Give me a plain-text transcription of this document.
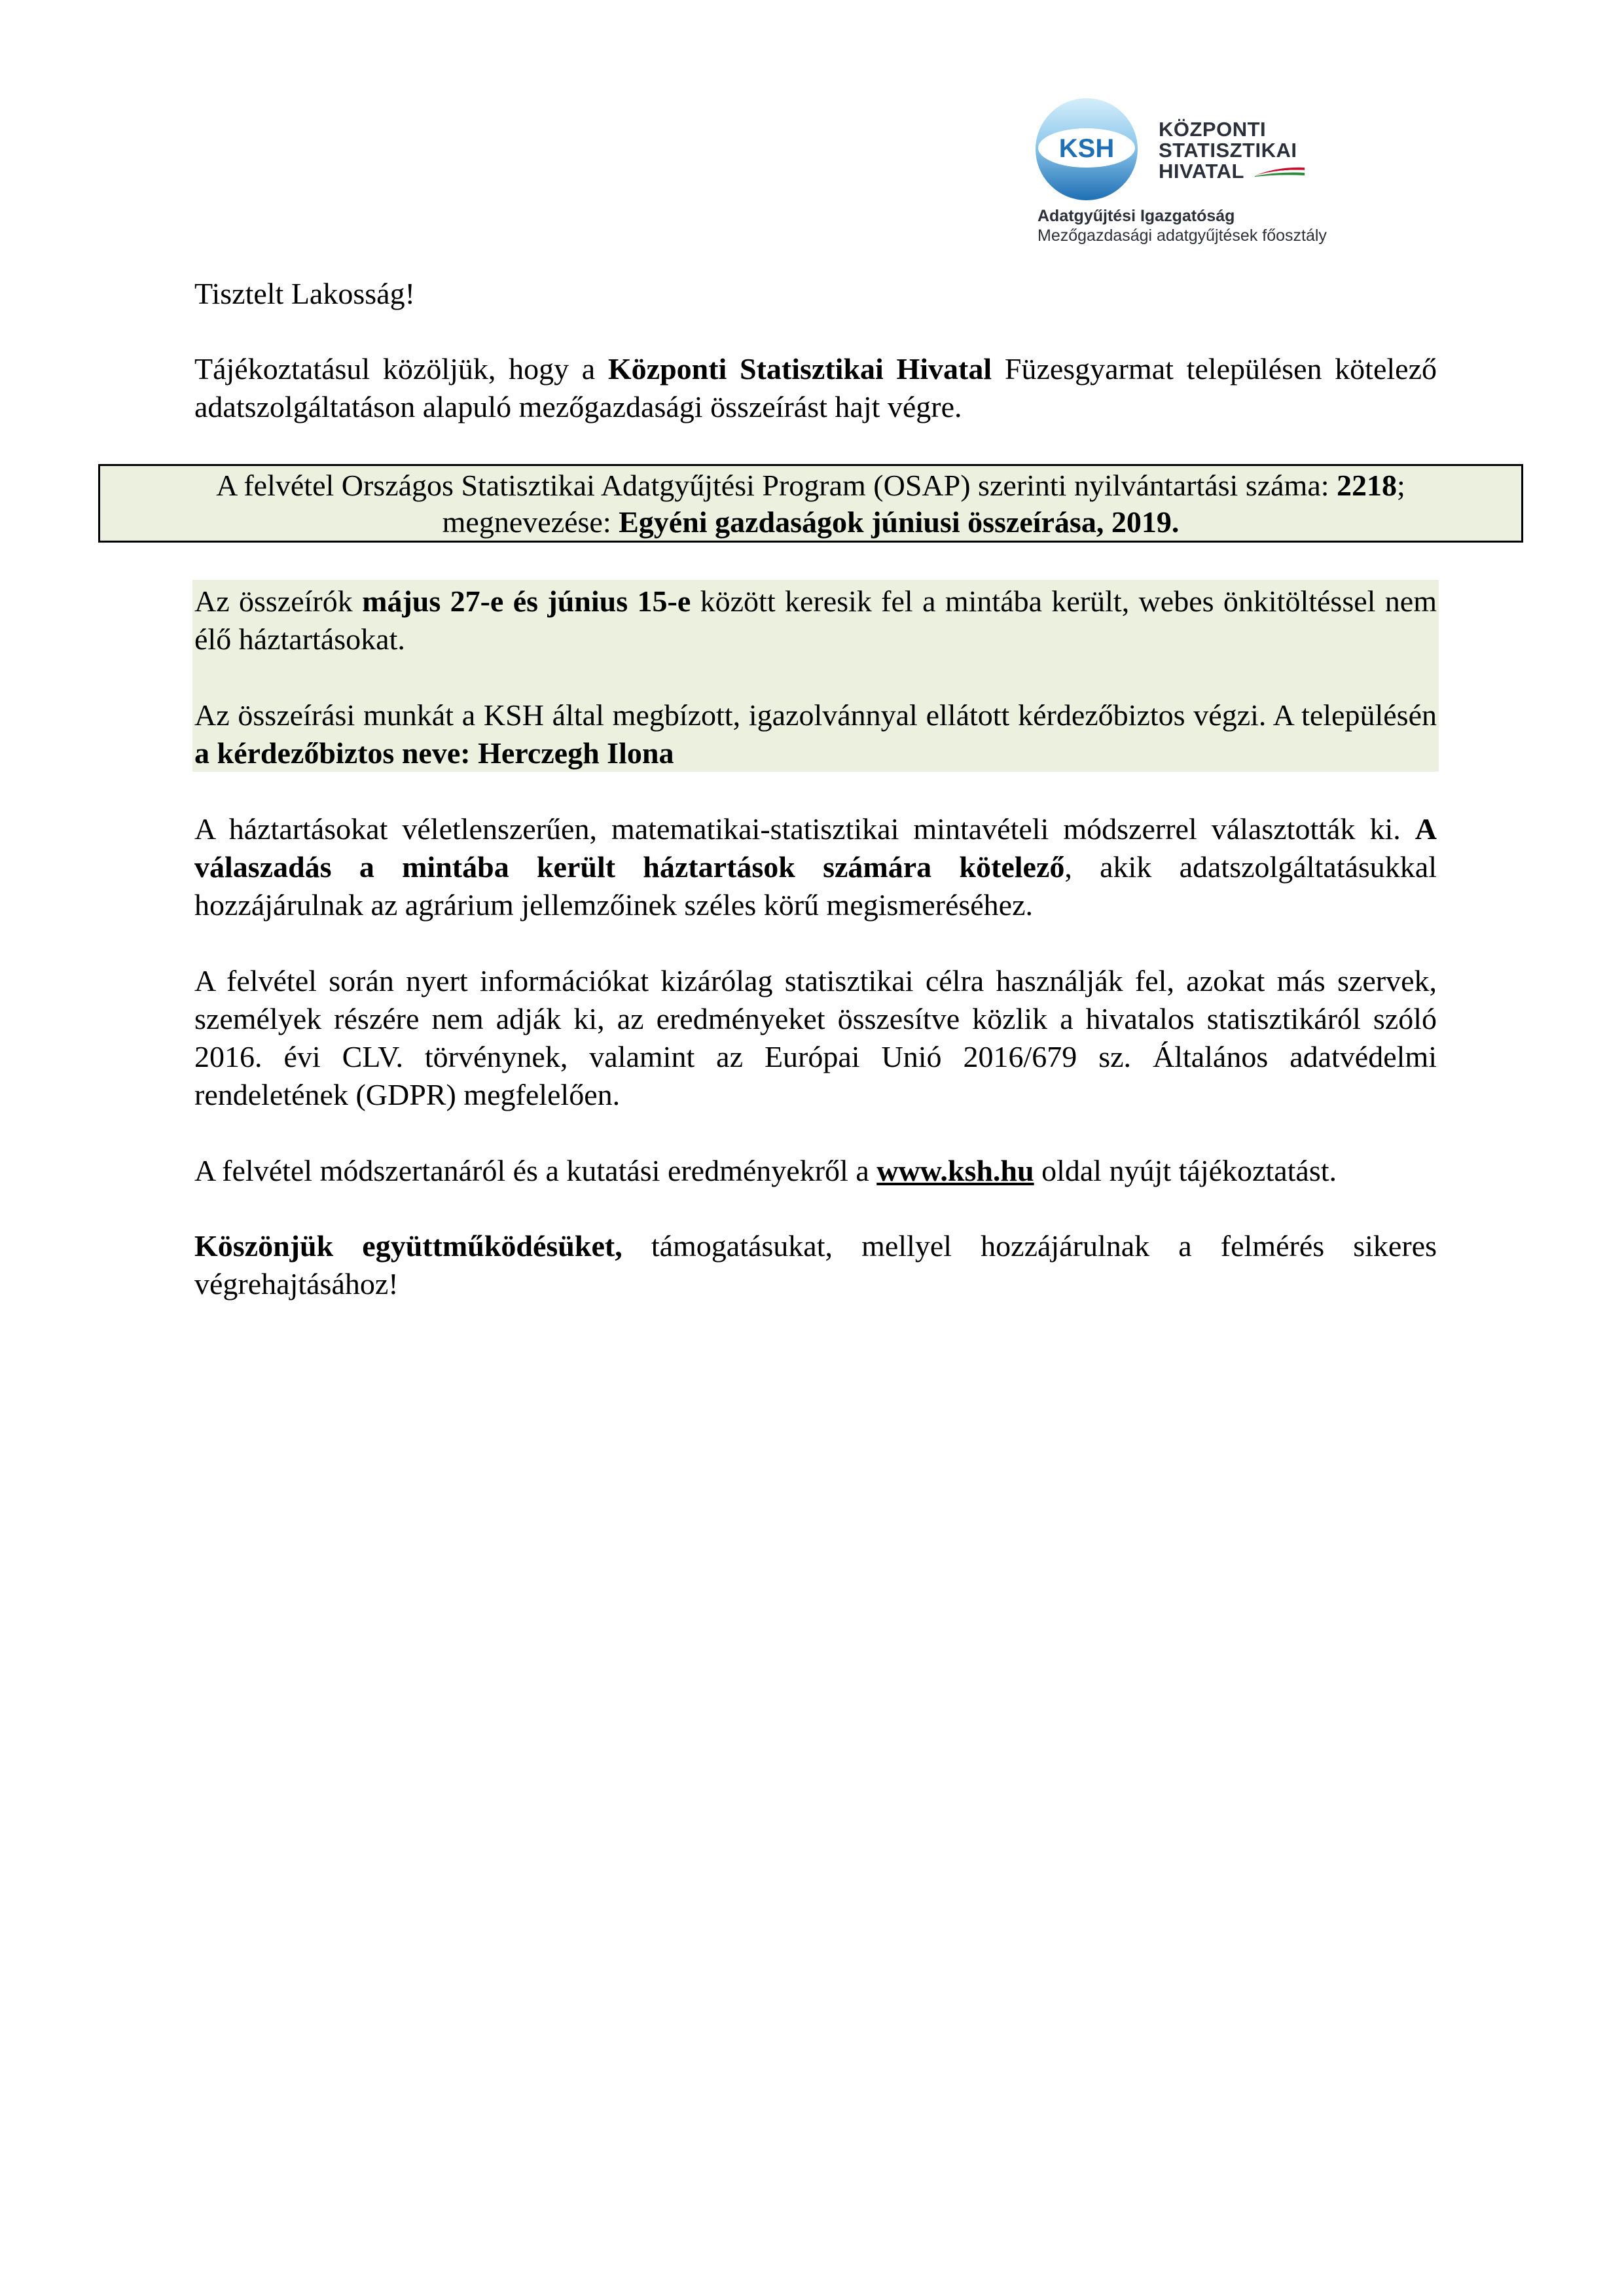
KSH
KÖZPONTI
STATISZTIKAI
HIVATAL
Adatgyűjtési Igazgatóság
Mezőgazdasági adatgyűjtések főosztály
Tisztelt Lakosság!
Tájékoztatásul közöljük, hogy a Központi Statisztikai Hivatal Füzesgyarmat településen kötelező adatszolgáltatáson alapuló mezőgazdasági összeírást hajt végre.
A felvétel Országos Statisztikai Adatgyűjtési Program (OSAP) szerinti nyilvántartási száma: 2218;
megnevezése: Egyéni gazdaságok júniusi összeírása, 2019.
Az összeírók május 27-e és június 15-e között keresik fel a mintába került, webes önkitöltéssel nem élő háztartásokat.
Az összeírási munkát a KSH által megbízott, igazolvánnyal ellátott kérdezőbiztos végzi. A településén a kérdezőbiztos neve: Herczegh Ilona
A háztartásokat véletlenszerűen, matematikai-statisztikai mintavételi módszerrel választották ki. A válaszadás a mintába került háztartások számára kötelező, akik adatszolgáltatásukkal hozzájárulnak az agrárium jellemzőinek széles körű megismeréséhez.
A felvétel során nyert információkat kizárólag statisztikai célra használják fel, azokat más szervek, személyek részére nem adják ki, az eredményeket összesítve közlik a hivatalos statisztikáról szóló 2016. évi CLV. törvénynek, valamint az Európai Unió 2016/679 sz. Általános adatvédelmi rendeletének (GDPR) megfelelően.
A felvétel módszertanáról és a kutatási eredményekről a www.ksh.hu oldal nyújt tájékoztatást.
Köszönjük együttműködésüket, támogatásukat, mellyel hozzájárulnak a felmérés sikeres végrehajtásához!
